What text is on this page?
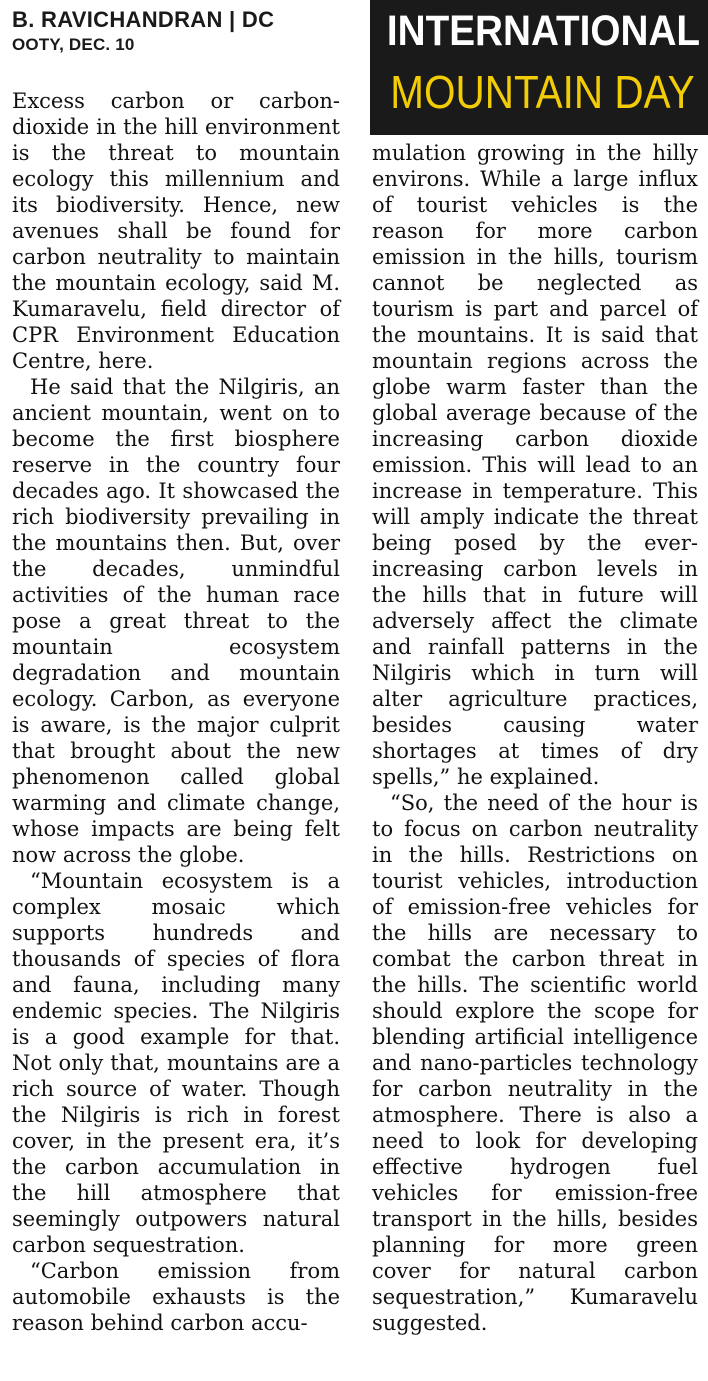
B. RAVICHANDRAN | DC
OOTY, DEC. 10	INTERNATIONAL
MOUNTAIN DAY

Excess carbon or carbon-dioxide in the hill environment is the threat to mountain ecology this millennium and its biodiversity. Hence, new avenues shall be found for carbon neutrality to maintain the mountain ecology, said M. Kumaravelu, field director of CPR Environment Education Centre, here.

He said that the Nilgiris, an ancient mountain, went on to become the first biosphere reserve in the country four decades ago. It showcased the rich biodiversity prevailing in the mountains then. But, over the decades, unmindful activities of the human race pose a great threat to the mountain ecosystem degradation and mountain ecology. Carbon, as everyone is aware, is the major culprit that brought about the new phenomenon called global warming and climate change, whose impacts are being felt now across the globe.

“Mountain ecosystem is a complex mosaic which supports hundreds and thousands of species of flora and fauna, including many endemic species. The Nilgiris is a good example for that. Not only that, mountains are a rich source of water. Though the Nilgiris is rich in forest cover, in the present era, it’s the carbon accumulation in the hill atmosphere that seemingly outpowers natural carbon sequestration.

“Carbon emission from automobile exhausts is the reason behind carbon accu-

mulation growing in the hilly environs. While a large influx of tourist vehicles is the reason for more carbon emission in the hills, tourism cannot be neglected as tourism is part and parcel of the mountains. It is said that mountain regions across the globe warm faster than the global average because of the increasing carbon dioxide emission. This will lead to an increase in temperature. This will amply indicate the threat being posed by the ever-increasing carbon levels in the hills that in future will adversely affect the climate and rainfall patterns in the Nilgiris which in turn will alter agriculture practices, besides causing water shortages at times of dry spells,” he explained.

“So, the need of the hour is to focus on carbon neutrality in the hills. Restrictions on tourist vehicles, introduction of emission-free vehicles for the hills are necessary to combat the carbon threat in the hills. The scientific world should explore the scope for blending artificial intelligence and nano-particles technology for carbon neutrality in the atmosphere. There is also a need to look for developing effective hydrogen fuel vehicles for emission-free transport in the hills, besides planning for more green cover for natural carbon sequestration,” Kumaravelu suggested.
